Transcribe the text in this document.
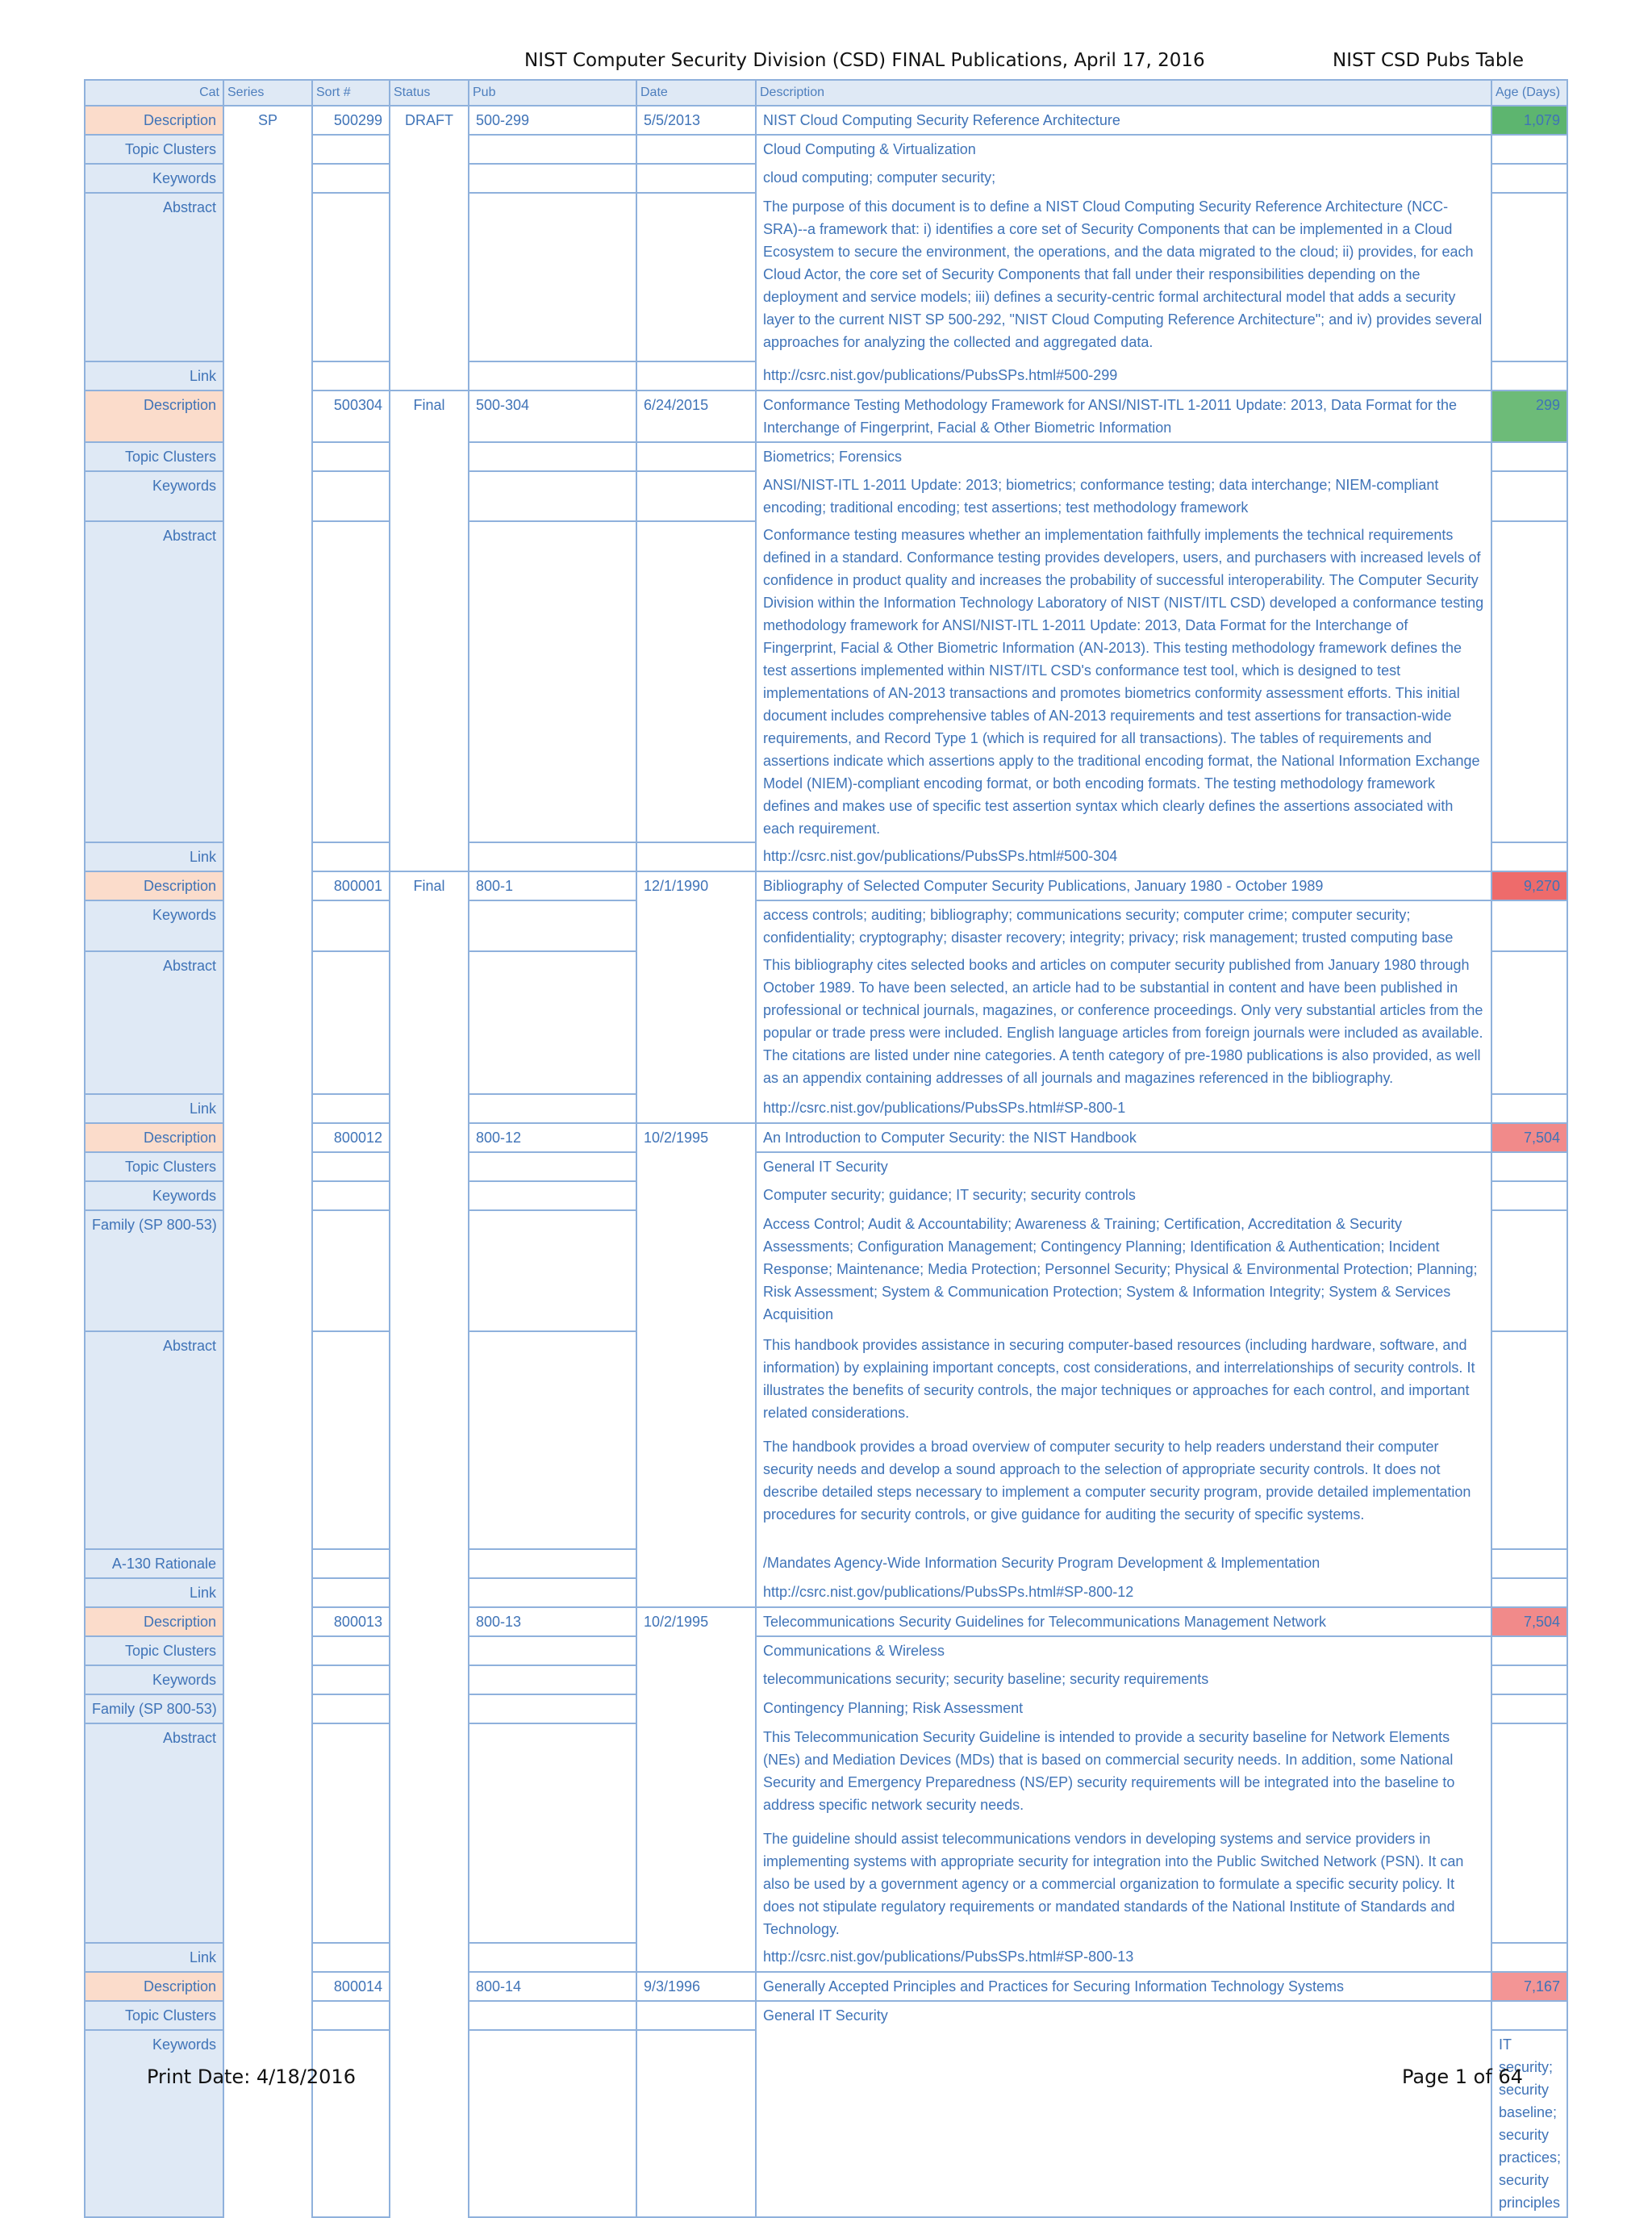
NIST Computer Security Division (CSD) FINAL Publications, April 17, 2016	NIST CSD Pubs Table
Cat	Series	Sort #	Status	Pub	Date	Description	Age (Days)	
Description	SP	500299	DRAFT	500-299	5/5/2013	NIST Cloud Computing Security Reference Architecture	1,079	
Topic Clusters						Cloud Computing & Virtualization		
Keywords						cloud computing; computer security;		
Abstract						The purpose of this document is to define a NIST Cloud Computing Security Reference Architecture (NCC-SRA)--a framework that: i) identifies a core set of Security Components that can be implemented in a Cloud Ecosystem to secure the environment, the operations, and the data migrated to the cloud; ii) provides, for each Cloud Actor, the core set of Security Components that fall under their responsibilities depending on the deployment and service models; iii) defines a security-centric formal architectural model that adds a security layer to the current NIST SP 500-292, "NIST Cloud Computing Reference Architecture"; and iv) provides several approaches for analyzing the collected and aggregated data.		
Link						http://csrc.nist.gov/publications/PubsSPs.html#500-299		
Description		500304	Final	500-304	6/24/2015	Conformance Testing Methodology Framework for ANSI/NIST-ITL 1-2011 Update: 2013, Data Format for the Interchange of Fingerprint, Facial & Other Biometric Information	299	
Topic Clusters						Biometrics; Forensics		
Keywords						ANSI/NIST-ITL 1-2011 Update: 2013; biometrics; conformance testing; data interchange; NIEM-compliant encoding; traditional encoding; test assertions; test methodology framework		
Abstract						Conformance testing measures whether an implementation faithfully implements the technical requirements defined in a standard. Conformance testing provides developers, users, and purchasers with increased levels of confidence in product quality and increases the probability of successful interoperability. The Computer Security Division within the Information Technology Laboratory of NIST (NIST/ITL CSD) developed a conformance testing methodology framework for ANSI/NIST-ITL 1-2011 Update: 2013, Data Format for the Interchange of Fingerprint, Facial & Other Biometric Information (AN-2013). This testing methodology framework defines the test assertions implemented within NIST/ITL CSD's conformance test tool, which is designed to test implementations of AN-2013 transactions and promotes biometrics conformity assessment efforts. This initial document includes comprehensive tables of AN-2013 requirements and test assertions for transaction-wide requirements, and Record Type 1 (which is required for all transactions). The tables of requirements and assertions indicate which assertions apply to the traditional encoding format, the National Information Exchange Model (NIEM)-compliant encoding format, or both encoding formats. The testing methodology framework defines and makes use of specific test assertion syntax which clearly defines the assertions associated with each requirement.		
Link						http://csrc.nist.gov/publications/PubsSPs.html#500-304		
Description		800001	Final	800-1	12/1/1990	Bibliography of Selected Computer Security Publications, January 1980 - October 1989	9,270	
Keywords						access controls; auditing; bibliography; communications security; computer crime; computer security; confidentiality; cryptography; disaster recovery; integrity; privacy; risk management; trusted computing base		
Abstract						This bibliography cites selected books and articles on computer security published from January 1980 through October 1989. To have been selected, an article had to be substantial in content and have been published in professional or technical journals, magazines, or conference proceedings. Only very substantial articles from the popular or trade press were included. English language articles from foreign journals were included as available. The citations are listed under nine categories. A tenth category of pre-1980 publications is also provided, as well as an appendix containing addresses of all journals and magazines referenced in the bibliography.		
Link						http://csrc.nist.gov/publications/PubsSPs.html#SP-800-1		
Description		800012		800-12	10/2/1995	An Introduction to Computer Security: the NIST Handbook	7,504	
Topic Clusters						General IT Security		
Keywords						Computer security; guidance; IT security; security controls		
Family (SP 800-53)						Access Control; Audit & Accountability; Awareness & Training; Certification, Accreditation & Security Assessments; Configuration Management; Contingency Planning; Identification & Authentication; Incident Response; Maintenance; Media Protection; Personnel Security; Physical & Environmental Protection; Planning; Risk Assessment; System & Communication Protection; System & Information Integrity; System & Services Acquisition		
Abstract						This handbook provides assistance in securing computer-based resources (including hardware, software, and information) by explaining important concepts, cost considerations, and interrelationships of security controls. It illustrates the benefits of security controls, the major techniques or approaches for each control, and important related considerations.
The handbook provides a broad overview of computer security to help readers understand their computer security needs and develop a sound approach to the selection of appropriate security controls. It does not describe detailed steps necessary to implement a computer security program, provide detailed implementation procedures for security controls, or give guidance for auditing the security of specific systems.		
A-130 Rationale						/Mandates Agency-Wide Information Security Program Development & Implementation		
Link						http://csrc.nist.gov/publications/PubsSPs.html#SP-800-12		
Description		800013		800-13	10/2/1995	Telecommunications Security Guidelines for Telecommunications Management Network	7,504	
Topic Clusters						Communications & Wireless		
Keywords						telecommunications security; security baseline; security requirements		
Family (SP 800-53)						Contingency Planning; Risk Assessment		
Abstract						This Telecommunication Security Guideline is intended to provide a security baseline for Network Elements (NEs) and Mediation Devices (MDs) that is based on commercial security needs. In addition, some National Security and Emergency Preparedness (NS/EP) security requirements will be integrated into the baseline to address specific network security needs.
The guideline should assist telecommunications vendors in developing systems and service providers in implementing systems with appropriate security for integration into the Public Switched Network (PSN). It can also be used by a government agency or a commercial organization to formulate a specific security policy. It does not stipulate regulatory requirements or mandated standards of the National Institute of Standards and Technology.		
Link						http://csrc.nist.gov/publications/PubsSPs.html#SP-800-13		
Description		800014		800-14	9/3/1996	Generally Accepted Principles and Practices for Securing Information Technology Systems	7,167	
Topic Clusters						General IT Security		
Keywords							IT security; security baseline; security practices; security principles	
Print Date: 4/18/2016	Page 1 of 64
